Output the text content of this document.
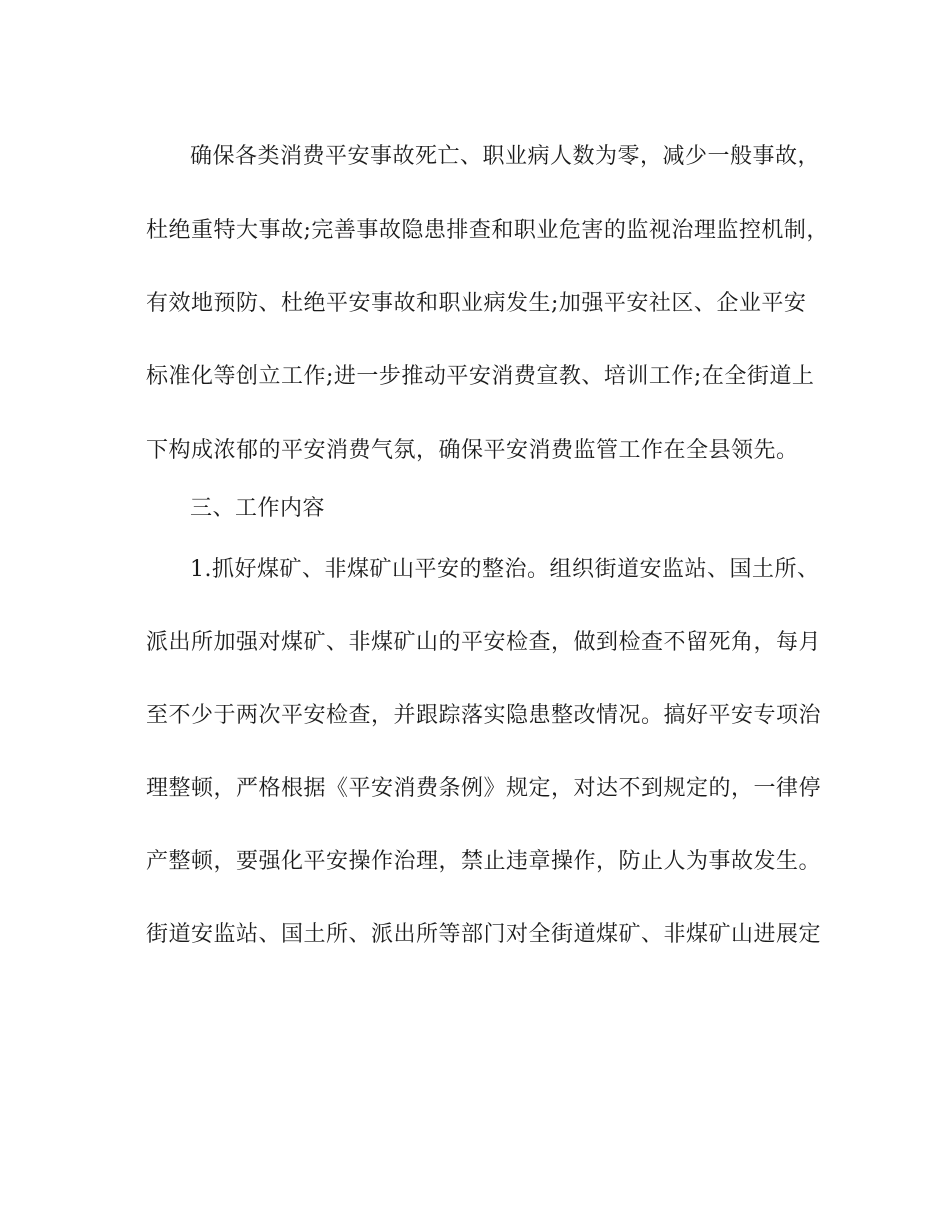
确保各类消费平安事故死亡、职业病人数为零，减少一般事故，
杜绝重特大事故;完善事故隐患排查和职业危害的监视治理监控机制，
有效地预防、杜绝平安事故和职业病发生;加强平安社区、企业平安
标准化等创立工作;进一步推动平安消费宣教、培训工作;在全街道上
下构成浓郁的平安消费气氛，确保平安消费监管工作在全县领先。
三、工作内容
1.抓好煤矿、非煤矿山平安的整治。组织街道安监站、国土所、
派出所加强对煤矿、非煤矿山的平安检查，做到检查不留死角，每月
至不少于两次平安检查，并跟踪落实隐患整改情况。搞好平安专项治
理整顿，严格根据《平安消费条例》规定，对达不到规定的，一律停
产整顿，要强化平安操作治理，禁止违章操作，防止人为事故发生。
街道安监站、国土所、派出所等部门对全街道煤矿、非煤矿山进展定
